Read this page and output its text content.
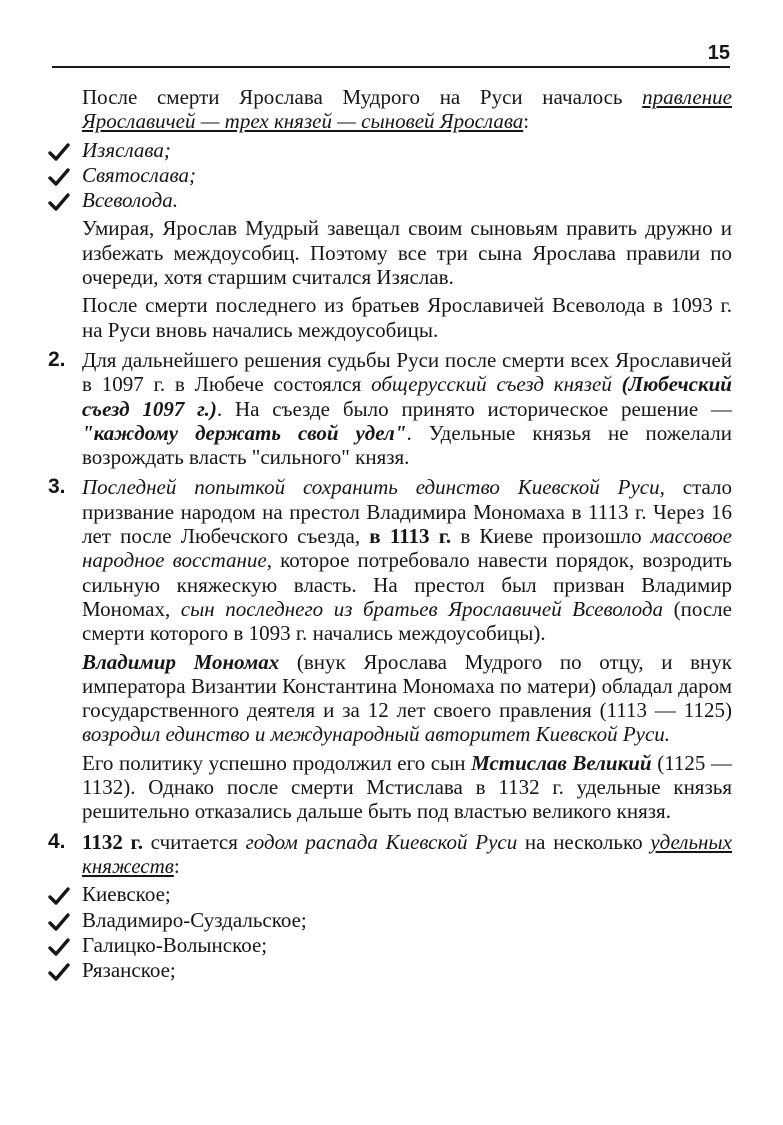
15

После смерти Ярослава Мудрого на Руси началось правление Ярославичей — трех князей — сыновей Ярослава:

Изяслава;
Святослава;
Всеволода.

Умирая, Ярослав Мудрый завещал своим сыновьям править дружно и избежать междоусобиц. Поэтому все три сына Ярослава правили по очереди, хотя старшим считался Изяслав.

После смерти последнего из братьев Ярославичей Всеволода в 1093 г. на Руси вновь начались междоусобицы.

2. Для дальнейшего решения судьбы Руси после смерти всех Ярославичей в 1097 г. в Любече состоялся общерусский съезд князей (Любечский съезд 1097 г.). На съезде было принято историческое решение — "каждому держать свой удел". Удельные князья не пожелали возрождать власть "сильного" князя.
3. Последней попыткой сохранить единство Киевской Руси, стало призвание народом на престол Владимира Мономаха в 1113 г. Через 16 лет после Любечского съезда, в 1113 г. в Киеве произошло массовое народное восстание, которое потребовало навести порядок, возродить сильную княжескую власть. На престол был призван Владимир Мономах, сын последнего из братьев Ярославичей Всеволода (после смерти которого в 1093 г. начались междоусобицы).

Владимир Мономах (внук Ярослава Мудрого по отцу, и внук императора Византии Константина Мономаха по матери) обладал даром государственного деятеля и за 12 лет своего правления (1113 — 1125) возродил единство и международный авторитет Киевской Руси.

Его политику успешно продолжил его сын Мстислав Великий (1125 — 1132). Однако после смерти Мстислава в 1132 г. удельные князья решительно отказались дальше быть под властью великого князя.

4. 1132 г. считается годом распада Киевской Руси на несколько удельных княжеств:
Киевское;
Владимиро-Суздальское;
Галицко-Волынское;
Рязанское;
